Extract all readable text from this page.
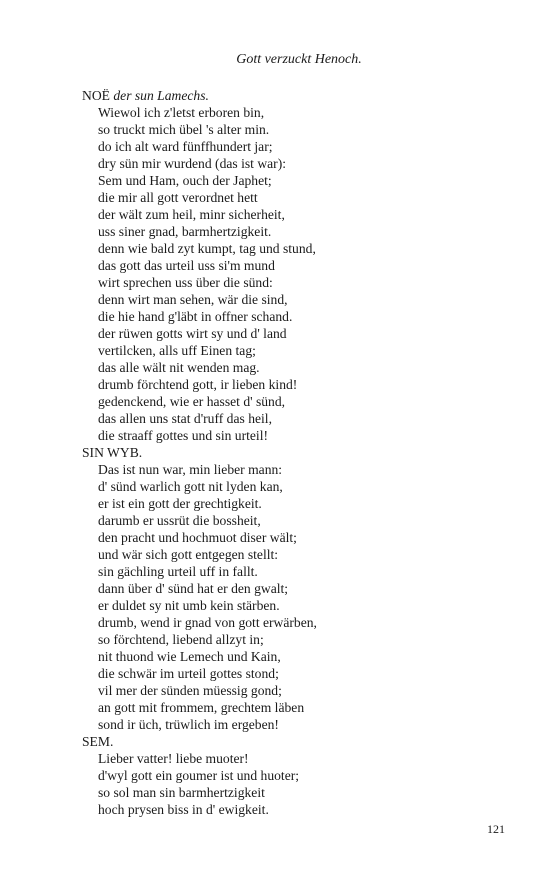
Gott verzuckt Henoch.

NOË der sun Lamechs.

Wiewol ich z'letst erboren bin,

so truckt mich übel 's alter min.

do ich alt ward fünffhundert jar;

dry sün mir wurdend (das ist war):

Sem und Ham, ouch der Japhet;

die mir all gott verordnet hett

der wält zum heil, minr sicherheit,

uss siner gnad, barmhertzigkeit.

denn wie bald zyt kumpt, tag und stund,

das gott das urteil uss si'm mund

wirt sprechen uss über die sünd:

denn wirt man sehen, wär die sind,

die hie hand g'läbt in offner schand.

der rüwen gotts wirt sy und d' land

vertilcken, alls uff Einen tag;

das alle wält nit wenden mag.

drumb förchtend gott, ir lieben kind!

gedenckend, wie er hasset d' sünd,

das allen uns stat d'ruff das heil,

die straaff gottes und sin urteil!

SIN WYB.

Das ist nun war, min lieber mann:

d' sünd warlich gott nit lyden kan,

er ist ein gott der grechtigkeit.

darumb er ussrüt die bossheit,

den pracht und hochmuot diser wält;

und wär sich gott entgegen stellt:

sin gächling urteil uff in fallt.

dann über d' sünd hat er den gwalt;

er duldet sy nit umb kein stärben.

drumb, wend ir gnad von gott erwärben,

so förchtend, liebend allzyt in;

nit thuond wie Lemech und Kain,

die schwär im urteil gottes stond;

vil mer der sünden müessig gond;

an gott mit frommem, grechtem läben

sond ir üch, trüwlich im ergeben!

SEM.

Lieber vatter! liebe muoter!

d'wyl gott ein goumer ist und huoter;

so sol man sin barmhertzigkeit

hoch prysen biss in d' ewigkeit.

121
